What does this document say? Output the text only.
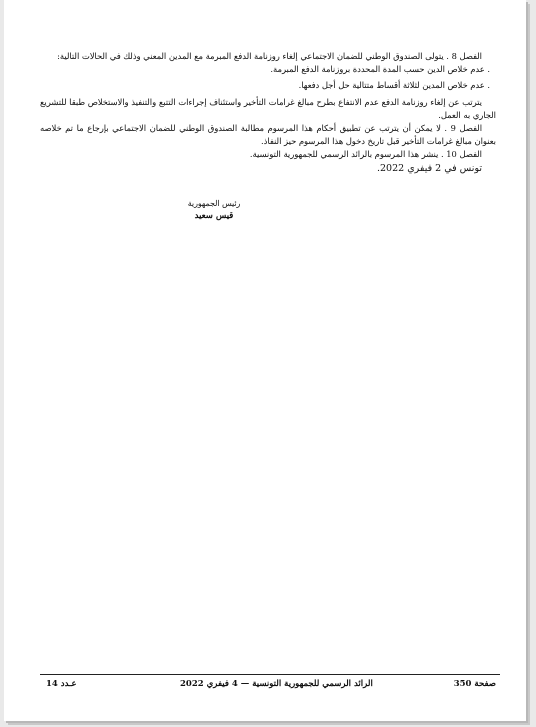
الفصل 8 . يتولى الصندوق الوطني للضمان الاجتماعي إلغاء روزنامة الدفع المبرمة مع المدين المعني وذلك في الحالات التالية:

. عدم خلاص الدين حسب المدة المحددة بروزنامة الدفع المبرمة.

. عدم خلاص المدين لثلاثة أقساط متتالية حل أجل دفعها.

يترتب عن إلغاء روزنامة الدفع عدم الانتفاع بطرح مبالغ غرامات التأخير واستئناف إجراءات التتبع والتنفيذ والاستخلاص طبقا للتشريع الجاري به العمل.

الفصل 9 . لا يمكن أن يترتب عن تطبيق أحكام هذا المرسوم مطالبة الصندوق الوطني للضمان الاجتماعي بإرجاع ما تم خلاصه بعنوان مبالغ غرامات التأخير قبل تاريخ دخول هذا المرسوم حيز النفاذ.

الفصل 10 . ينشر هذا المرسوم بالرائد الرسمي للجمهورية التونسية.

تونس في 2 فيفري 2022.

رئيس الجمهورية
قيس سعيد
صفحة 350
الرائد الرسمي للجمهورية التونسية — 4 فيفري 2022
عـدد 14
